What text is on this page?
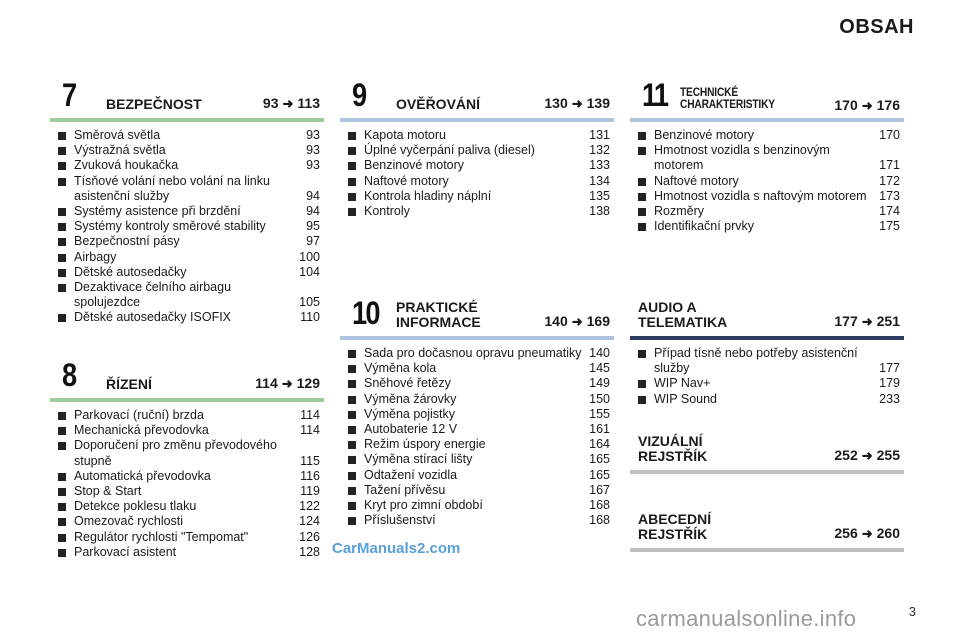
OBSAH
7 BEZPEČNOST	93 ➜ 113
Směrová světla	93
Výstražná světla	93
Zvuková houkačka	93
Tísňové volání nebo volání na linku asistenční služby	94
Systémy asistence při brzdění	94
Systémy kontroly směrové stability	95
Bezpečnostní pásy	97
Airbagy	100
Dětské autosedačky	104
Dezaktivace čelního airbagu spolujezdce	105
Dětské autosedačky ISOFIX	110
8 ŘÍZENÍ	114 ➜ 129
Parkovací (ruční) brzda	114
Mechanická převodovka	114
Doporučení pro změnu převodového stupně	115
Automatická převodovka	116
Stop & Start	119
Detekce poklesu tlaku	122
Omezovač rychlosti	124
Regulátor rychlosti "Tempomat"	126
Parkovací asistent	128
9 OVĚŘOVÁNÍ	130 ➜ 139
Kapota motoru	131
Úplné vyčerpání paliva (diesel)	132
Benzinové motory	133
Naftové motory	134
Kontrola hladiny náplní	135
Kontroly	138
10 PRAKTICKÉ
INFORMACE	140 ➜ 169
Sada pro dočasnou opravu pneumatiky 140
Výměna kola	145
Sněhové řetězy	149
Výměna žárovky	150
Výměna pojistky	155
Autobaterie 12 V	161
Režim úspory energie	164
Výměna stírací lišty	165
Odtažení vozidla	165
Tažení přívěsu	167
Kryt pro zimní období	168
Příslušenství	168
11 TECHNICKÉ
CHARAKTERISTIKY	170 ➜ 176
Benzinové motory	170
Hmotnost vozidla s benzinovým motorem	171
Naftové motory	172
Hmotnost vozidla s naftovým motorem	173
Rozměry	174
Identifikační prvky	175
AUDIO A
TELEMATIKA	177 ➜ 251
Případ tísně nebo potřeby asistenční služby	177
WIP Nav+	179
WIP Sound	233
VIZUÁLNÍ
REJSTŘÍK	252 ➜ 255
ABECEDNÍ
REJSTŘÍK	256 ➜ 260
CarManuals2.com
carmanualsonline.info	3
